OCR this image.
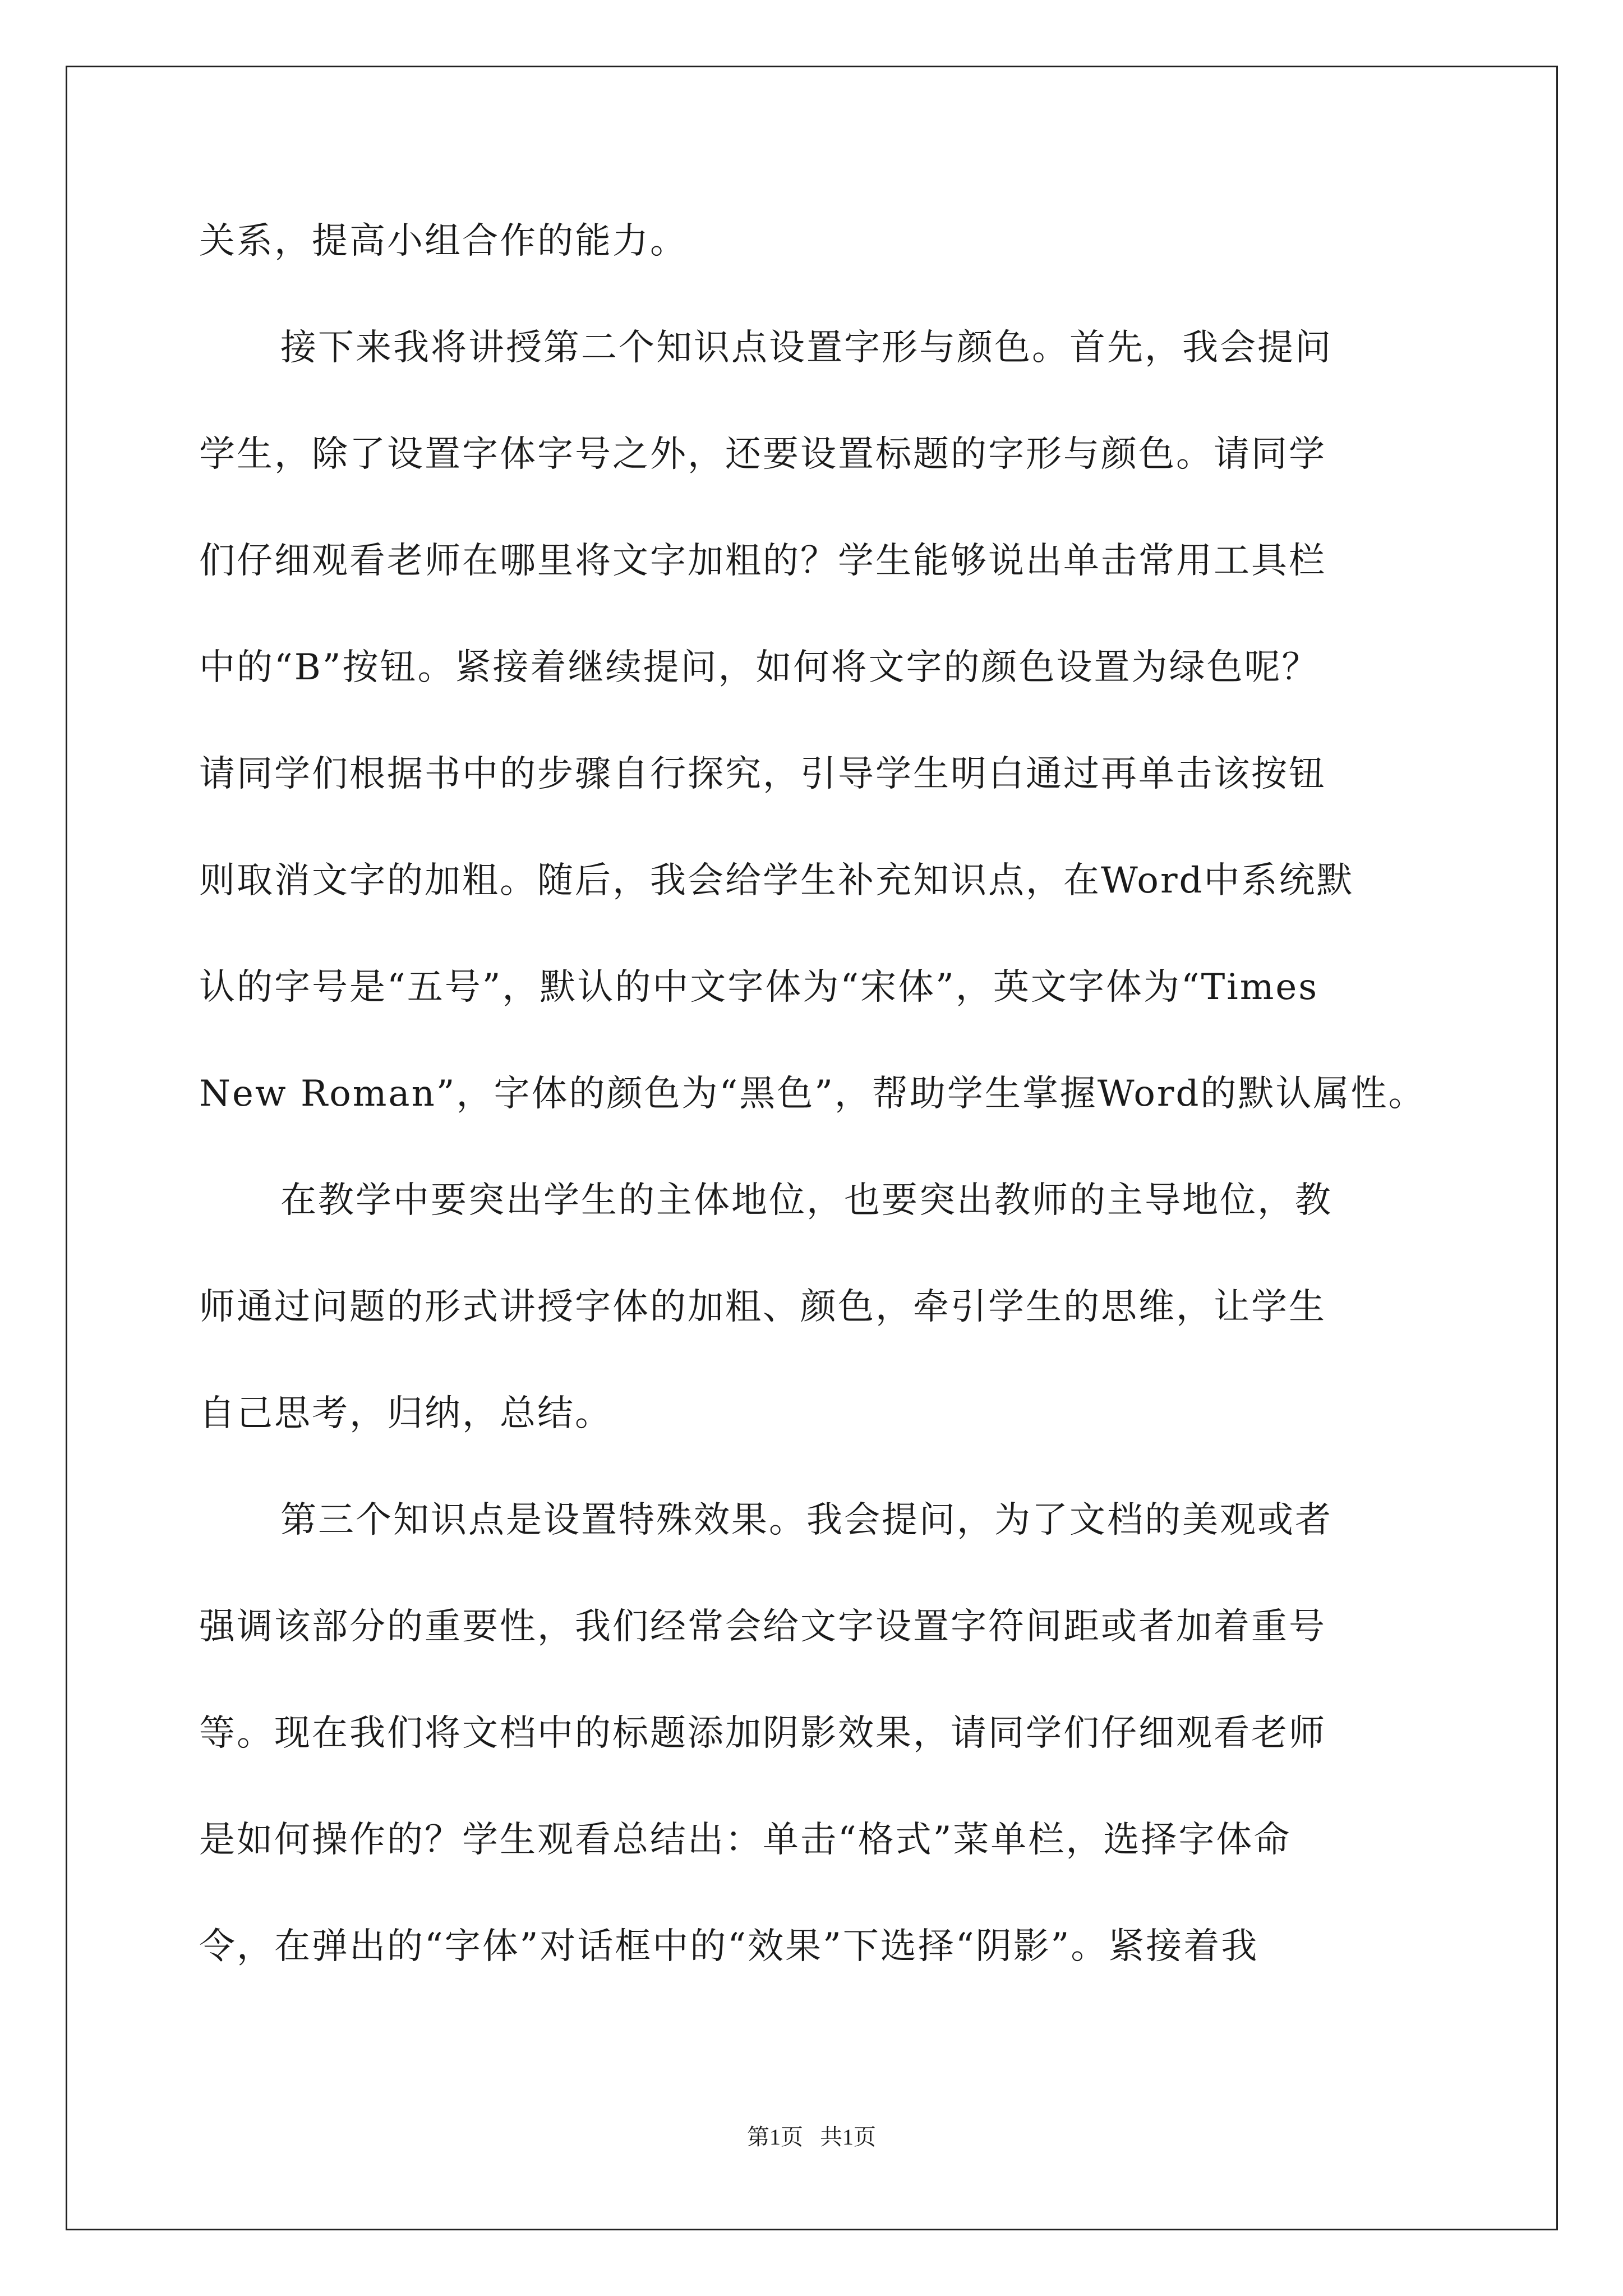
关系，提高小组合作的能力。
接下来我将讲授第二个知识点设置字形与颜色。首先，我会提问
学生，除了设置字体字号之外，还要设置标题的字形与颜色。请同学
们仔细观看老师在哪里将文字加粗的？学生能够说出单击常用工具栏
中的“B”按钮。紧接着继续提问，如何将文字的颜色设置为绿色呢？
请同学们根据书中的步骤自行探究，引导学生明白通过再单击该按钮
则取消文字的加粗。随后，我会给学生补充知识点，在Word中系统默
认的字号是“五号”，默认的中文字体为“宋体”，英文字体为“Times
New Roman”，字体的颜色为“黑色”，帮助学生掌握Word的默认属性。
在教学中要突出学生的主体地位，也要突出教师的主导地位，教
师通过问题的形式讲授字体的加粗、颜色，牵引学生的思维，让学生
自己思考，归纳，总结。
第三个知识点是设置特殊效果。我会提问，为了文档的美观或者
强调该部分的重要性，我们经常会给文字设置字符间距或者加着重号
等。现在我们将文档中的标题添加阴影效果，请同学们仔细观看老师
是如何操作的？学生观看总结出：单击“格式”菜单栏，选择字体命
令，在弹出的“字体”对话框中的“效果”下选择“阴影”。紧接着我
第1页 共1页
